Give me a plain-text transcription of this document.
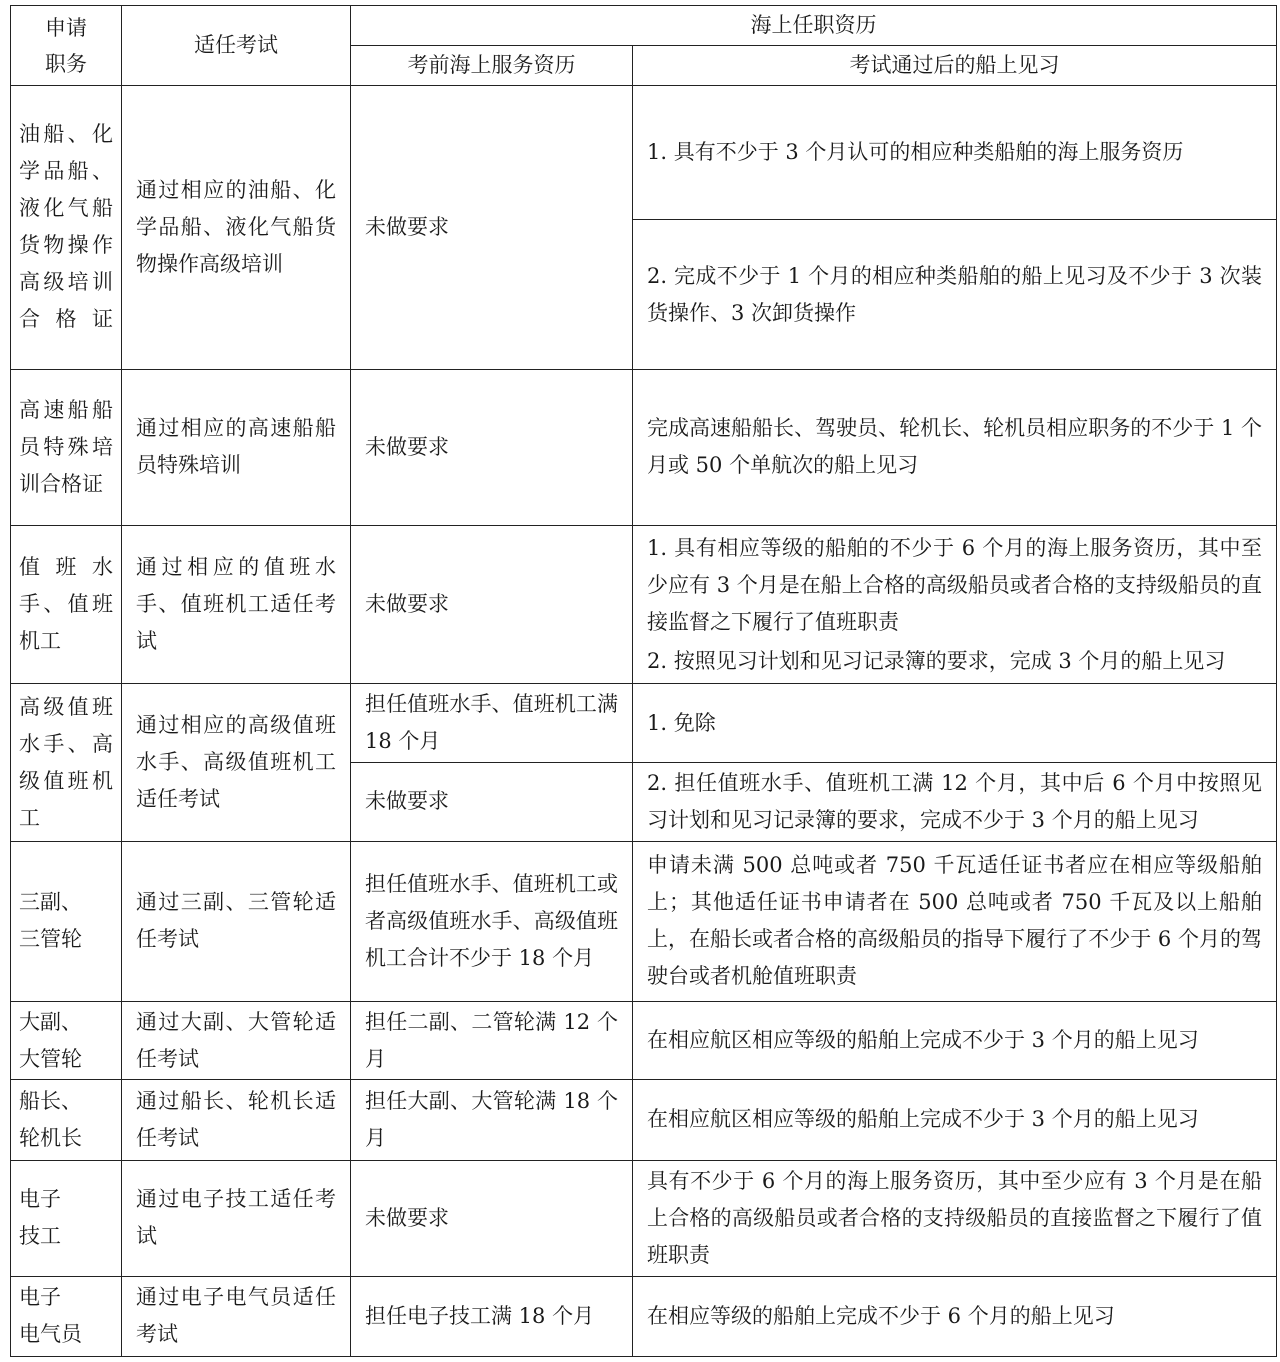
申请
职务	适任考试	海上任职资历	
		考前海上服务资历	考试通过后的船上见习
油船、化学品船、液化气船货物操作高级培训合格证	通过相应的油船、化学品船、液化气船货物操作高级培训	未做要求	1. 具有不少于 3 个月认可的相应种类船舶的海上服务资历
			2. 完成不少于 1 个月的相应种类船舶的船上见习及不少于 3 次装货操作、3 次卸货操作
高速船船员特殊培训合格证	通过相应的高速船船员特殊培训	未做要求	完成高速船船长、驾驶员、轮机长、轮机员相应职务的不少于 1 个月或 50 个单航次的船上见习
值班水手、值班机工	通过相应的值班水手、值班机工适任考试	未做要求	1. 具有相应等级的船舶的不少于 6 个月的海上服务资历，其中至少应有 3 个月是在船上合格的高级船员或者合格的支持级船员的直接监督之下履行了值班职责

2. 按照见习计划和见习记录簿的要求，完成 3 个月的船上见习

高级值班水手、高级值班机工	通过相应的高级值班水手、高级值班机工适任考试	担任值班水手、值班机工满 18 个月	1. 免除
		未做要求	2. 担任值班水手、值班机工满 12 个月，其中后 6 个月中按照见习计划和见习记录簿的要求，完成不少于 3 个月的船上见习
三副、
三管轮	通过三副、三管轮适任考试	担任值班水手、值班机工或者高级值班水手、高级值班机工合计不少于 18 个月	申请未满 500 总吨或者 750 千瓦适任证书者应在相应等级船舶上；其他适任证书申请者在 500 总吨或者 750 千瓦及以上船舶上，在船长或者合格的高级船员的指导下履行了不少于 6 个月的驾驶台或者机舱值班职责
大副、
大管轮	通过大副、大管轮适任考试	担任二副、二管轮满 12 个月	在相应航区相应等级的船舶上完成不少于 3 个月的船上见习
船长、
轮机长	通过船长、轮机长适任考试	担任大副、大管轮满 18 个月	在相应航区相应等级的船舶上完成不少于 3 个月的船上见习
电子
技工	通过电子技工适任考试	未做要求	具有不少于 6 个月的海上服务资历，其中至少应有 3 个月是在船上合格的高级船员或者合格的支持级船员的直接监督之下履行了值班职责
电子
电气员	通过电子电气员适任考试	担任电子技工满 18 个月	在相应等级的船舶上完成不少于 6 个月的船上见习
